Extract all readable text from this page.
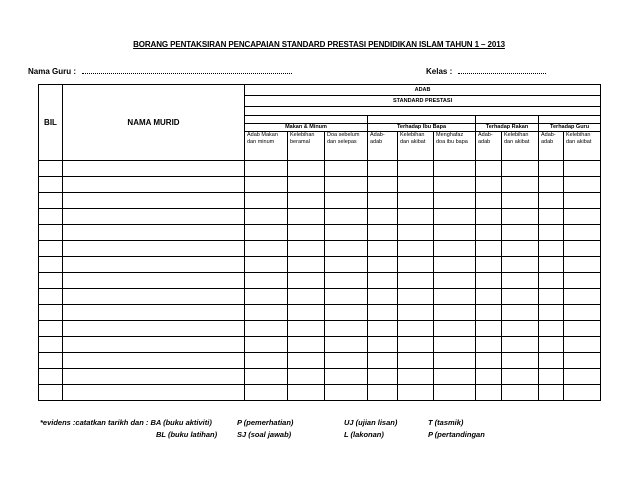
BORANG PENTAKSIRAN PENCAPAIAN STANDARD PRESTASI PENDIDIKAN ISLAM TAHUN 1 – 2013
Nama Guru :	Kelas :
BIL	NAMA MURID	ADAB									
		STANDARD PRESTASI									

		Makan & Minum			Terhadap Ibu Bapa			Terhadap Rakan		Terhadap Guru	
		Adab Makan dan minum	Kelebihan beramal	Doa sebelum dan selepas	Adab-adab	Kelebihan dan akibat	Menghafaz doa ibu bapa	Adab-adab	Kelebihan dan akibat	Adab-adab	Kelebihan dan akibat

*evidens :catatkan tarikh dan : BA (buku aktiviti)
BL (buku latihan)
P (pemerhatian)
SJ (soal jawab)
UJ (ujian lisan)
L (lakonan)
T (tasmik)
P (pertandingan
